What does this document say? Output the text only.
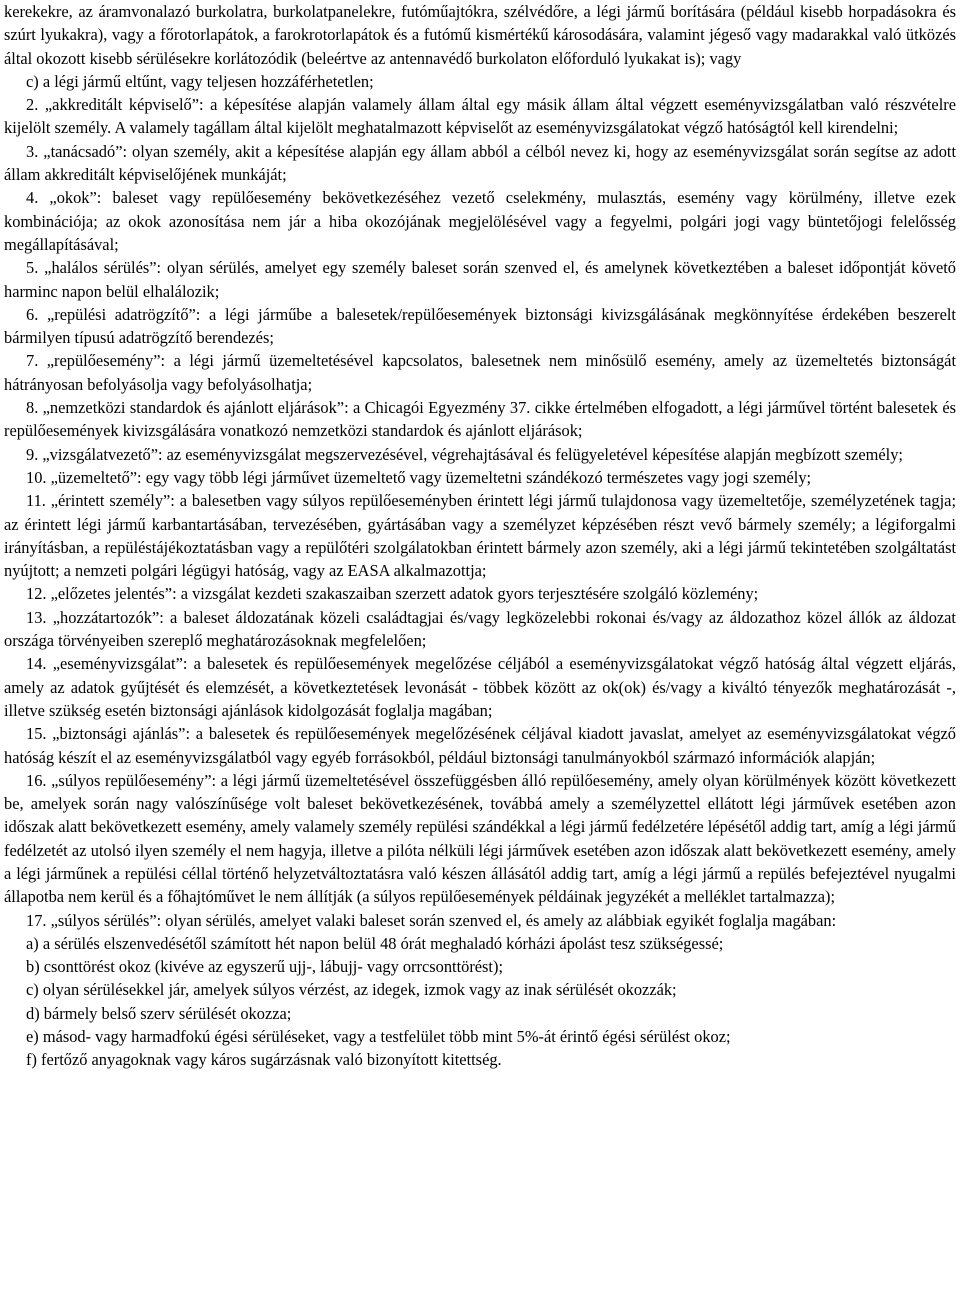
kerekekre, az áramvonalazó burkolatra, burkolatpanelekre, futóműajtókra, szélvédőre, a légi jármű borítására (például kisebb horpadásokra és szúrt lyukakra), vagy a főrotorlapátok, a farokrotorlapátok és a futómű kismértékű károsodására, valamint jégeső vagy madarakkal való ütközés által okozott kisebb sérülésekre korlátozódik (beleértve az antennavédő burkolaton előforduló lyukakat is); vagy

c) a légi jármű eltűnt, vagy teljesen hozzáférhetetlen;

2. „akkreditált képviselő”: a képesítése alapján valamely állam által egy másik állam által végzett eseményvizsgálatban való részvételre kijelölt személy. A valamely tagállam által kijelölt meghatalmazott képviselőt az eseményvizsgálatokat végző hatóságtól kell kirendelni;

3. „tanácsadó”: olyan személy, akit a képesítése alapján egy állam abból a célból nevez ki, hogy az eseményvizsgálat során segítse az adott állam akkreditált képviselőjének munkáját;

4. „okok”: baleset vagy repülőesemény bekövetkezéséhez vezető cselekmény, mulasztás, esemény vagy körülmény, illetve ezek kombinációja; az okok azonosítása nem jár a hiba okozójának megjelölésével vagy a fegyelmi, polgári jogi vagy büntetőjogi felelősség megállapításával;

5. „halálos sérülés”: olyan sérülés, amelyet egy személy baleset során szenved el, és amelynek következtében a baleset időpontját követő harminc napon belül elhalálozik;

6. „repülési adatrögzítő”: a légi járműbe a balesetek/repülőesemények biztonsági kivizsgálásának megkönnyítése érdekében beszerelt bármilyen típusú adatrögzítő berendezés;

7. „repülőesemény”: a légi jármű üzemeltetésével kapcsolatos, balesetnek nem minősülő esemény, amely az üzemeltetés biztonságát hátrányosan befolyásolja vagy befolyásolhatja;

8. „nemzetközi standardok és ajánlott eljárások”: a Chicagói Egyezmény 37. cikke értelmében elfogadott, a légi járművel történt balesetek és repülőesemények kivizsgálására vonatkozó nemzetközi standardok és ajánlott eljárások;

9. „vizsgálatvezető”: az eseményvizsgálat megszervezésével, végrehajtásával és felügyeletével képesítése alapján megbízott személy;

10. „üzemeltető”: egy vagy több légi járművet üzemeltető vagy üzemeltetni szándékozó természetes vagy jogi személy;

11. „érintett személy”: a balesetben vagy súlyos repülőeseményben érintett légi jármű tulajdonosa vagy üzemeltetője, személyzetének tagja; az érintett légi jármű karbantartásában, tervezésében, gyártásában vagy a személyzet képzésében részt vevő bármely személy; a légiforgalmi irányításban, a repüléstájékoztatásban vagy a repülőtéri szolgálatokban érintett bármely azon személy, aki a légi jármű tekintetében szolgáltatást nyújtott; a nemzeti polgári légügyi hatóság, vagy az EASA alkalmazottja;

12. „előzetes jelentés”: a vizsgálat kezdeti szakaszaiban szerzett adatok gyors terjesztésére szolgáló közlemény;

13. „hozzátartozók”: a baleset áldozatának közeli családtagjai és/vagy legközelebbi rokonai és/vagy az áldozathoz közel állók az áldozat országa törvényeiben szereplő meghatározásoknak megfelelően;

14. „eseményvizsgálat”: a balesetek és repülőesemények megelőzése céljából a eseményvizsgálatokat végző hatóság által végzett eljárás, amely az adatok gyűjtését és elemzését, a következtetések levonását - többek között az ok(ok) és/vagy a kiváltó tényezők meghatározását -, illetve szükség esetén biztonsági ajánlások kidolgozását foglalja magában;

15. „biztonsági ajánlás”: a balesetek és repülőesemények megelőzésének céljával kiadott javaslat, amelyet az eseményvizsgálatokat végző hatóság készít el az eseményvizsgálatból vagy egyéb forrásokból, például biztonsági tanulmányokból származó információk alapján;

16. „súlyos repülőesemény”: a légi jármű üzemeltetésével összefüggésben álló repülőesemény, amely olyan körülmények között következett be, amelyek során nagy valószínűsége volt baleset bekövetkezésének, továbbá amely a személyzettel ellátott légi járművek esetében azon időszak alatt bekövetkezett esemény, amely valamely személy repülési szándékkal a légi jármű fedélzetére lépésétől addig tart, amíg a légi jármű fedélzetét az utolsó ilyen személy el nem hagyja, illetve a pilóta nélküli légi járművek esetében azon időszak alatt bekövetkezett esemény, amely a légi járműnek a repülési céllal történő helyzetváltoztatásra való készen állásától addig tart, amíg a légi jármű a repülés befejeztével nyugalmi állapotba nem kerül és a főhajtóművet le nem állítják (a súlyos repülőesemények példáinak jegyzékét a melléklet tartalmazza);

17. „súlyos sérülés”: olyan sérülés, amelyet valaki baleset során szenved el, és amely az alábbiak egyikét foglalja magában:

a) a sérülés elszenvedésétől számított hét napon belül 48 órát meghaladó kórházi ápolást tesz szükségessé;

b) csonttörést okoz (kivéve az egyszerű ujj-, lábujj- vagy orrcsonttörést);

c) olyan sérülésekkel jár, amelyek súlyos vérzést, az idegek, izmok vagy az inak sérülését okozzák;

d) bármely belső szerv sérülését okozza;

e) másod- vagy harmadfokú égési sérüléseket, vagy a testfelület több mint 5%-át érintő égési sérülést okoz;

f) fertőző anyagoknak vagy káros sugárzásnak való bizonyított kitettség.
